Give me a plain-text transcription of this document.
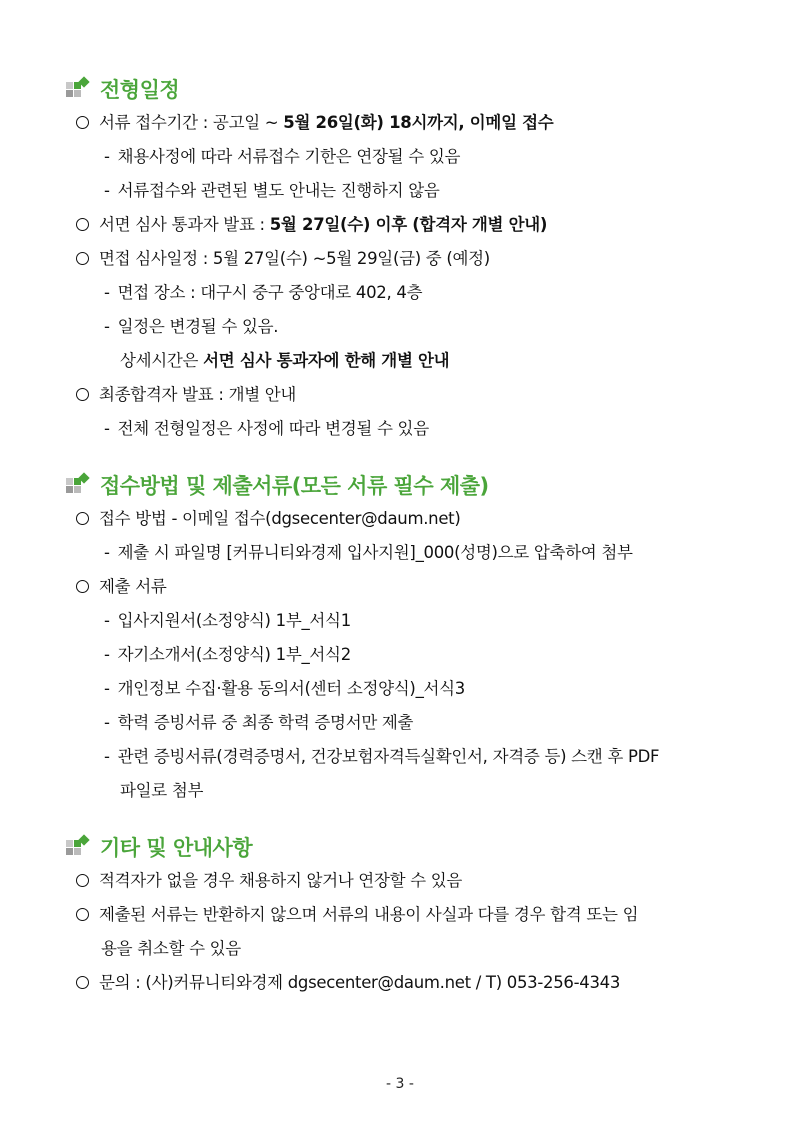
전형일정
서류 접수기간 : 공고일 ~ 5월 26일(화) 18시까지, 이메일 접수
- 채용사정에 따라 서류접수 기한은 연장될 수 있음
- 서류접수와 관련된 별도 안내는 진행하지 않음
서면 심사 통과자 발표 : 5월 27일(수) 이후 (합격자 개별 안내)
면접 심사일정 : 5월 27일(수) ~5월 29일(금) 중 (예정)
- 면접 장소 : 대구시 중구 중앙대로 402, 4층
- 일정은 변경될 수 있음.
상세시간은 서면 심사 통과자에 한해 개별 안내
최종합격자 발표 : 개별 안내
- 전체 전형일정은 사정에 따라 변경될 수 있음
접수방법 및 제출서류(모든 서류 필수 제출)
접수 방법 - 이메일 접수(dgsecenter@daum.net)
- 제출 시 파일명 [커뮤니티와경제 입사지원]_000(성명)으로 압축하여 첨부
제출 서류
- 입사지원서(소정양식) 1부_서식1
- 자기소개서(소정양식) 1부_서식2
- 개인정보 수집·활용 동의서(센터 소정양식)_서식3
- 학력 증빙서류 중 최종 학력 증명서만 제출
- 관련 증빙서류(경력증명서, 건강보험자격득실확인서, 자격증 등) 스캔 후 PDF
파일로 첨부
기타 및 안내사항
적격자가 없을 경우 채용하지 않거나 연장할 수 있음
제출된 서류는 반환하지 않으며 서류의 내용이 사실과 다를 경우 합격 또는 임
용을 취소할 수 있음
문의 : (사)커뮤니티와경제 dgsecenter@daum.net / T) 053-256-4343
- 3 -
